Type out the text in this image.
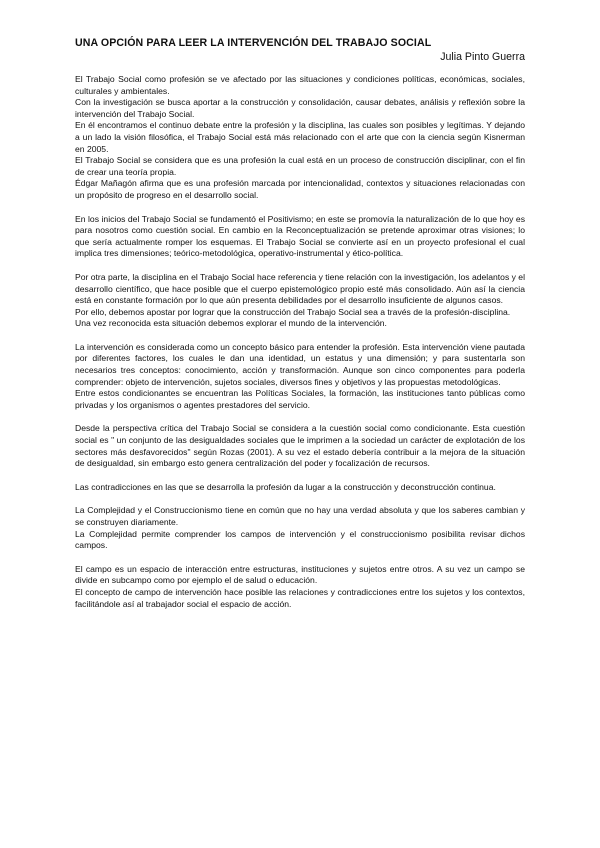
UNA OPCIÓN PARA LEER LA INTERVENCIÓN DEL TRABAJO SOCIAL
Julia Pinto Guerra

El Trabajo Social como profesión se ve afectado por las situaciones y condiciones políticas, económicas, sociales, culturales y ambientales.

Con la investigación se busca aportar a la construcción y consolidación, causar debates, análisis y reflexión sobre la intervención del Trabajo Social.

En él encontramos el continuo debate entre la profesión y la disciplina, las cuales son posibles y legítimas. Y dejando a un lado la visión filosófica, el Trabajo Social está más relacionado con el arte que con la ciencia según Kisnerman en 2005.

El Trabajo Social se considera que es una profesión la cual está en un proceso de construcción disciplinar, con el fin de crear una teoría propia.

Édgar Mañagón afirma que es una profesión marcada por intencionalidad, contextos y situaciones relacionadas con un propósito de progreso en el desarrollo social.

En los inicios del Trabajo Social se fundamentó el Positivismo; en este se promovía la naturalización de lo que hoy es para nosotros como cuestión social. En cambio en la Reconceptualización se pretende aproximar otras visiones; lo que sería actualmente romper los esquemas. El Trabajo Social se convierte así en un proyecto profesional el cual implica tres dimensiones; teórico-metodológica, operativo-instrumental y ético-política.

Por otra parte, la disciplina en el Trabajo Social hace referencia y tiene relación con la investigación, los adelantos y el desarrollo científico, que hace posible que el cuerpo epistemológico propio esté más consolidado. Aún así la ciencia está en constante formación por lo que aún presenta debilidades por el desarrollo insuficiente de algunos casos.

Por ello, debemos apostar por lograr que la construcción del Trabajo Social sea a través de la profesión-disciplina.

Una vez reconocida esta situación debemos explorar el mundo de la intervención.

La intervención es considerada como un concepto básico para entender la profesión. Esta intervención viene pautada por diferentes factores, los cuales le dan una identidad, un estatus y una dimensión; y para sustentarla son necesarios tres conceptos: conocimiento, acción y transformación. Aunque son cinco componentes para poderla comprender: objeto de intervención, sujetos sociales, diversos fines y objetivos y las propuestas metodológicas.

Entre estos condicionantes se encuentran las Políticas Sociales, la formación, las instituciones tanto públicas como privadas y los organismos o agentes prestadores del servicio.

Desde la perspectiva crítica del Trabajo Social se considera a la cuestión social como condicionante. Esta cuestión social es " un conjunto de las desigualdades sociales que le imprimen a la sociedad un carácter de explotación de los sectores más desfavorecidos" según Rozas (2001). A su vez el estado debería contribuir a la mejora de la situación de desigualdad, sin embargo esto genera centralización del poder y focalización de recursos.

Las contradicciones en las que se desarrolla la profesión da lugar a la construcción y deconstrucción continua.

La Complejidad y el Construccionismo tiene en común que no hay una verdad absoluta y que los saberes cambian y se construyen diariamente.

La Complejidad permite comprender los campos de intervención y el construccionismo posibilita revisar dichos campos.

El campo es un espacio de interacción entre estructuras, instituciones y sujetos entre otros. A su vez un campo se divide en subcampo como por ejemplo el de salud o educación.

El concepto de campo de intervención hace posible las relaciones y contradicciones entre los sujetos y los contextos, facilitándole así al trabajador social el espacio de acción.
